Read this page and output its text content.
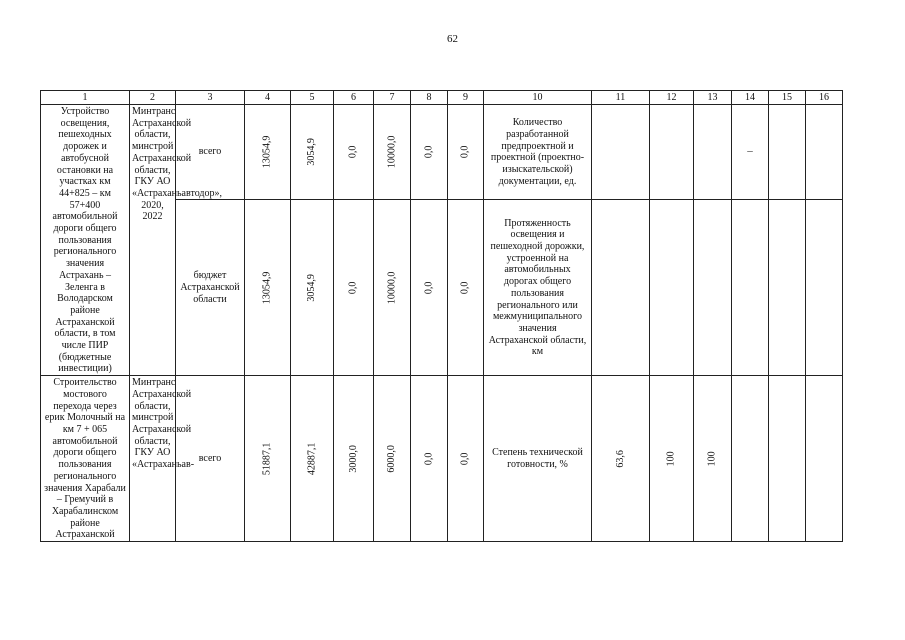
62
1	2	3	4	5	6	7	8	9	10	11	12	13	14	15	16
Устройство освещения, пешеходных дорожек и автобусной остановки на участках км 44+825 – км 57+400 автомобильной дороги общего пользования регионального значения Астрахань – Зеленга в Володарском районе Астраханской области, в том числе ПИР (бюджетные инвестиции)	Минтранс Астраханской области, минстрой Астраханской области, ГКУ АО «Астраханьавтодор», 2020, 2022	всего	13054,9	3054,9	0,0	10000,0	0,0	0,0	Количество разработанной предпроектной и проектной (проектно-изыскательской) документации, ед.				–		
		бюджет Астраханской области	13054,9	3054,9	0,0	10000,0	0,0	0,0	Протяженность освещения и пешеходной дорожки, устроенной на автомобильных дорогах общего пользования регионального или межмуниципального значения Астраханской области, км						
Строительство мостового перехода через ерик Молочный на км 7 + 065 автомобильной дороги общего пользования регионального значения Харабали – Гремучий в Харабалинском районе Астраханской	Минтранс Астраханской области, минстрой Астраханской области, ГКУ АО «Астраханьав-	всего	51887,1	42887,1	3000,0	6000,0	0,0	0,0	Степень технической готовности, %	63,6	100	100			
